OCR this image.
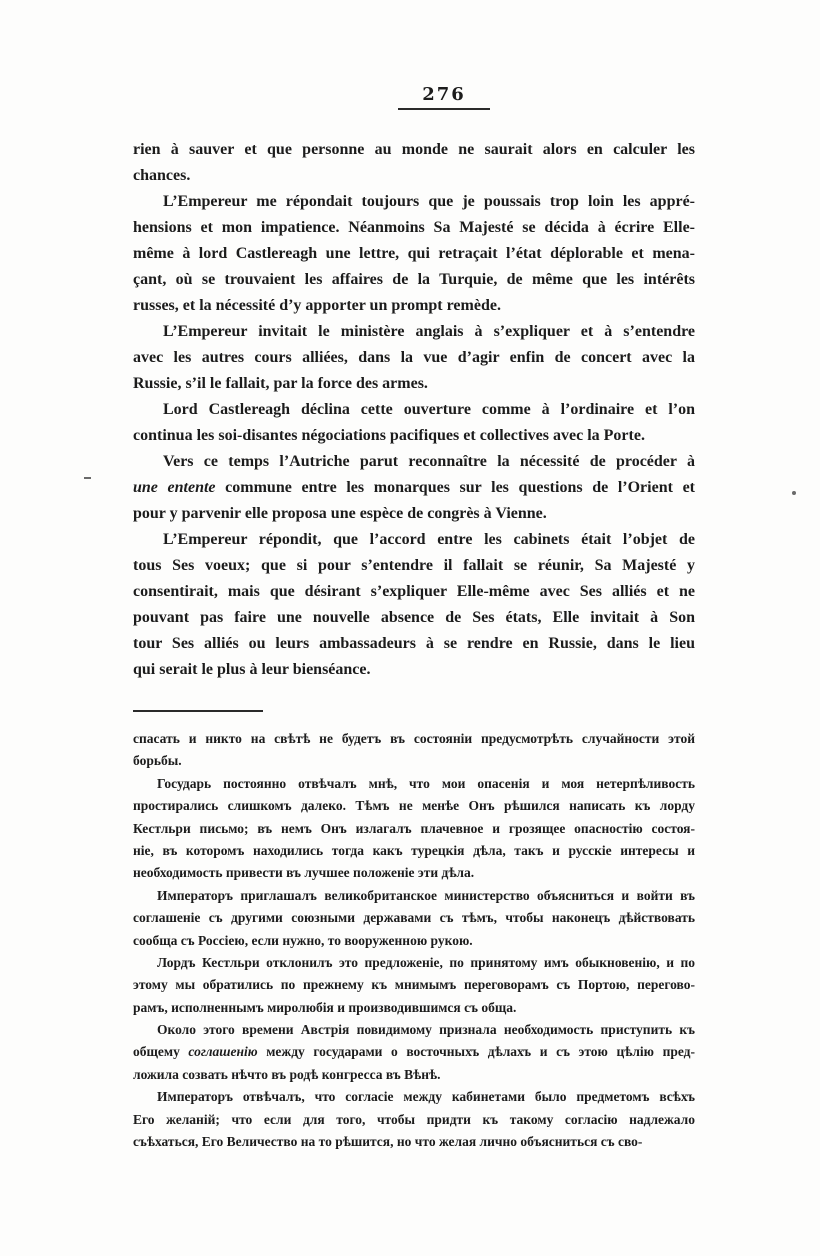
276
rien à sauver et que personne au monde ne saurait alors en calculer les
chances.
L’Empereur me répondait toujours que je poussais trop loin les appré-
hensions et mon impatience. Néanmoins Sa Majesté se décida à écrire Elle-
même à lord Castlereagh une lettre, qui retraçait l’état déplorable et mena-
çant, où se trouvaient les affaires de la Turquie, de même que les intérêts
russes, et la nécessité d’y apporter un prompt remède.
L’Empereur invitait le ministère anglais à s’expliquer et à s’entendre
avec les autres cours alliées, dans la vue d’agir enfin de concert avec la
Russie, s’il le fallait, par la force des armes.
Lord Castlereagh déclina cette ouverture comme à l’ordinaire et l’on
continua les soi-disantes négociations pacifiques et collectives avec la Porte.
Vers ce temps l’Autriche parut reconnaître la nécessité de procéder à
une entente commune entre les monarques sur les questions de l’Orient et
pour y parvenir elle proposa une espèce de congrès à Vienne.
L’Empereur répondit, que l’accord entre les cabinets était l’objet de
tous Ses voeux; que si pour s’entendre il fallait se réunir, Sa Majesté y
consentirait, mais que désirant s’expliquer Elle-même avec Ses alliés et ne
pouvant pas faire une nouvelle absence de Ses états, Elle invitait à Son
tour Ses alliés ou leurs ambassadeurs à se rendre en Russie, dans le lieu
qui serait le plus à leur bienséance.
спасать и никто на свѣтѣ не будетъ въ состояніи предусмотрѣть случайности этой
борьбы.
Государь постоянно отвѣчалъ мнѣ, что мои опасенія и моя нетерпѣливость
простирались слишкомъ далеко. Тѣмъ не менѣе Онъ рѣшился написать къ лорду
Кестльри письмо; въ немъ Онъ излагалъ плачевное и грозящее опасностію состоя-
ніе, въ которомъ находились тогда какъ турецкія дѣла, такъ и русскіе интересы и
необходимость привести въ лучшее положеніе эти дѣла.
Императоръ приглашалъ великобританское министерство объясниться и войти въ
соглашеніе съ другими союзными державами съ тѣмъ, чтобы наконецъ дѣйствовать
сообща съ Россіею, если нужно, то вооруженною рукою.
Лордъ Кестльри отклонилъ это предложеніе, по принятому имъ обыкновенію, и по
этому мы обратились по прежнему къ мнимымъ переговорамъ съ Портою, перегово-
рамъ, исполненнымъ миролюбія и производившимся съ обща.
Около этого времени Австрія повидимому признала необходимость приступить къ
общему соглашенію между государами о восточныхъ дѣлахъ и съ этою цѣлію пред-
ложила созвать нѣчто въ родѣ конгресса въ Вѣнѣ.
Императоръ отвѣчалъ, что согласіе между кабинетами было предметомъ всѣхъ
Его желаній; что если для того, чтобы придти къ такому согласію надлежало
съѣхаться, Его Величество на то рѣшится, но что желая лично объясниться съ сво-
